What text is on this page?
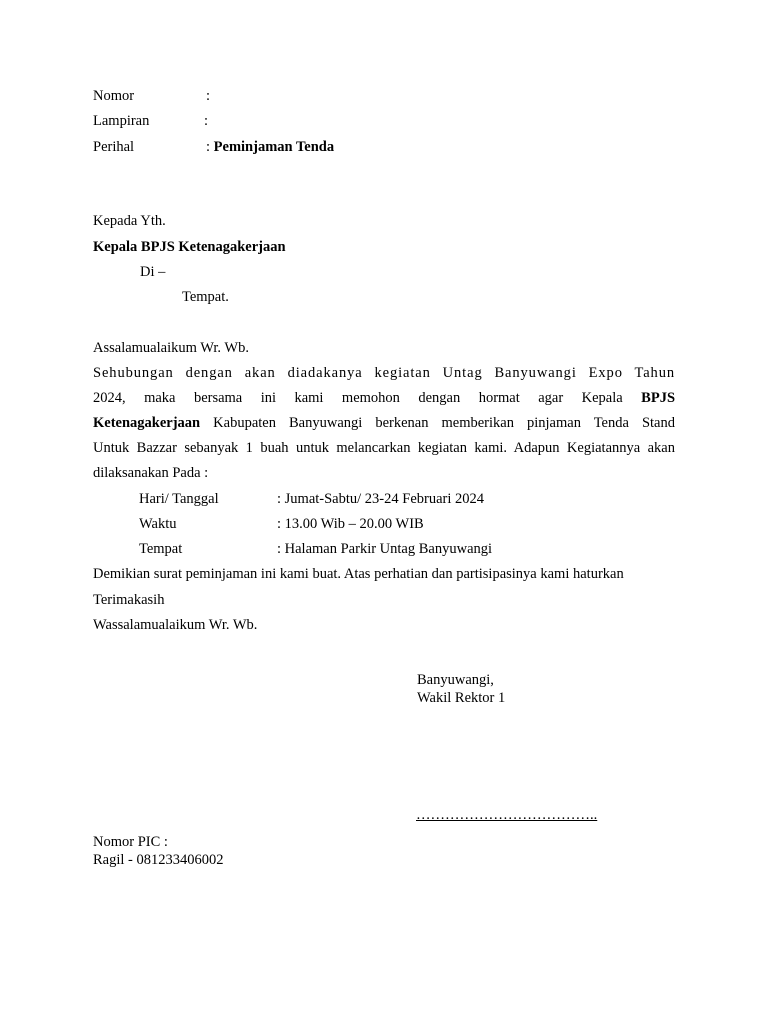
Nomor	:
Lampiran	:
Perihal	: Peminjaman Tenda
Kepada Yth.
Kepala BPJS Ketenagakerjaan
Di –
Tempat.
Assalamualaikum Wr. Wb.
Sehubungan dengan akan diadakanya kegiatan Untag Banyuwangi Expo Tahun
2024, maka bersama ini kami memohon dengan hormat agar Kepala BPJS
Ketenagakerjaan Kabupaten Banyuwangi berkenan memberikan pinjaman Tenda Stand
Untuk Bazzar sebanyak 1 buah untuk melancarkan kegiatan kami. Adapun Kegiatannya akan
dilaksanakan Pada :
Hari/ Tanggal	: Jumat-Sabtu/ 23-24 Februari 2024
Waktu	: 13.00 Wib – 20.00 WIB
Tempat	: Halaman Parkir Untag Banyuwangi
Demikian surat peminjaman ini kami buat. Atas perhatian dan partisipasinya kami haturkan
Terimakasih
Wassalamualaikum Wr. Wb.
Banyuwangi,
Wakil Rektor 1
………………………………..
Nomor PIC :
Ragil - 081233406002
